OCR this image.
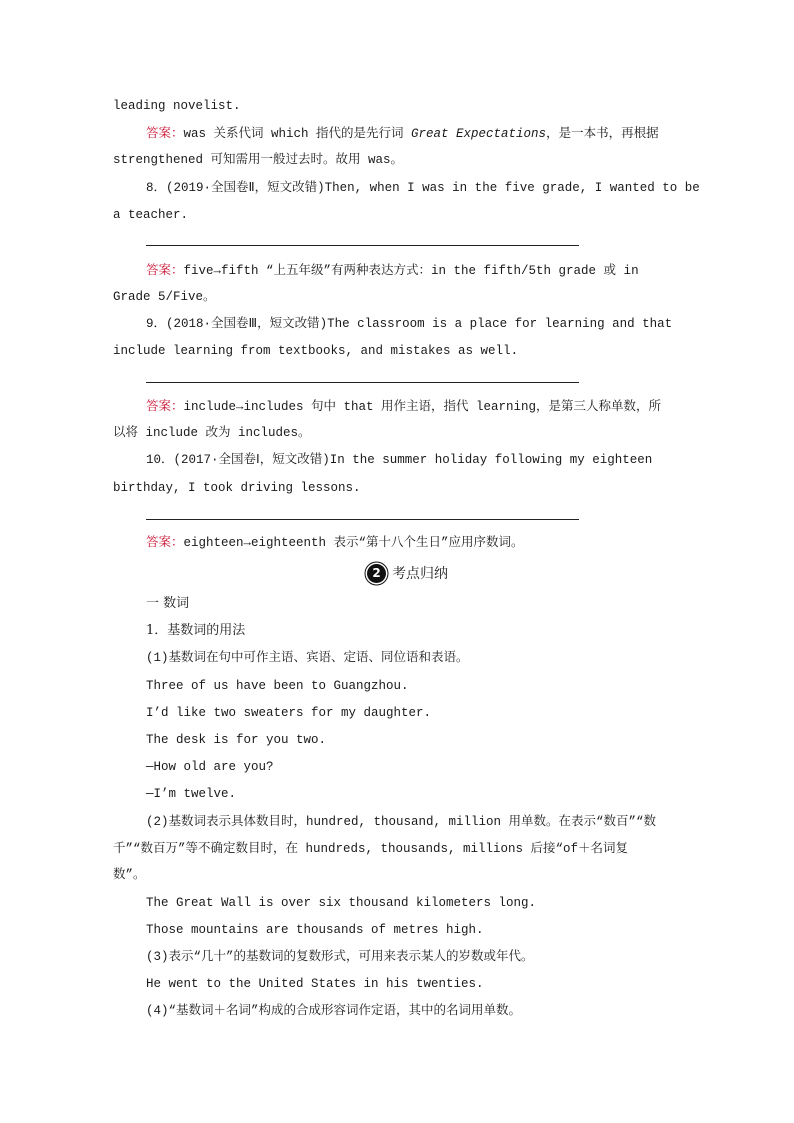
leading novelist.
答案：was 关系代词 which 指代的是先行词 Great Expectations，是一本书，再根据
strengthened 可知需用一般过去时。故用 was。
8．(2019·全国卷Ⅱ，短文改错)Then, when I was in the five grade, I wanted to be
a teacher.
答案：five→fifth “上五年级”有两种表达方式：in the fifth/5th grade 或 in
Grade 5/Five。
9．(2018·全国卷Ⅲ，短文改错)The classroom is a place for learning and that
include learning from textbooks, and mistakes as well.
答案：include→includes 句中 that 用作主语，指代 learning，是第三人称单数，所
以将 include 改为 includes。
10．(2017·全国卷Ⅰ，短文改错)In the summer holiday following my eighteen
birthday, I took driving lessons.
答案：eighteen→eighteenth 表示“第十八个生日”应用序数词。
2 考点归纳
一 数词
1．基数词的用法
(1)基数词在句中可作主语、宾语、定语、同位语和表语。
Three of us have been to Guangzhou.
I’d like two sweaters for my daughter.
The desk is for you two.
—How old are you?
—I’m twelve.
(2)基数词表示具体数目时，hundred, thousand, million 用单数。在表示“数百”“数
千”“数百万”等不确定数目时，在 hundreds, thousands, millions 后接“of＋名词复
数”。
The Great Wall is over six thousand kilometers long.
Those mountains are thousands of metres high.
(3)表示“几十”的基数词的复数形式，可用来表示某人的岁数或年代。
He went to the United States in his twenties.
(4)“基数词＋名词”构成的合成形容词作定语，其中的名词用单数。
